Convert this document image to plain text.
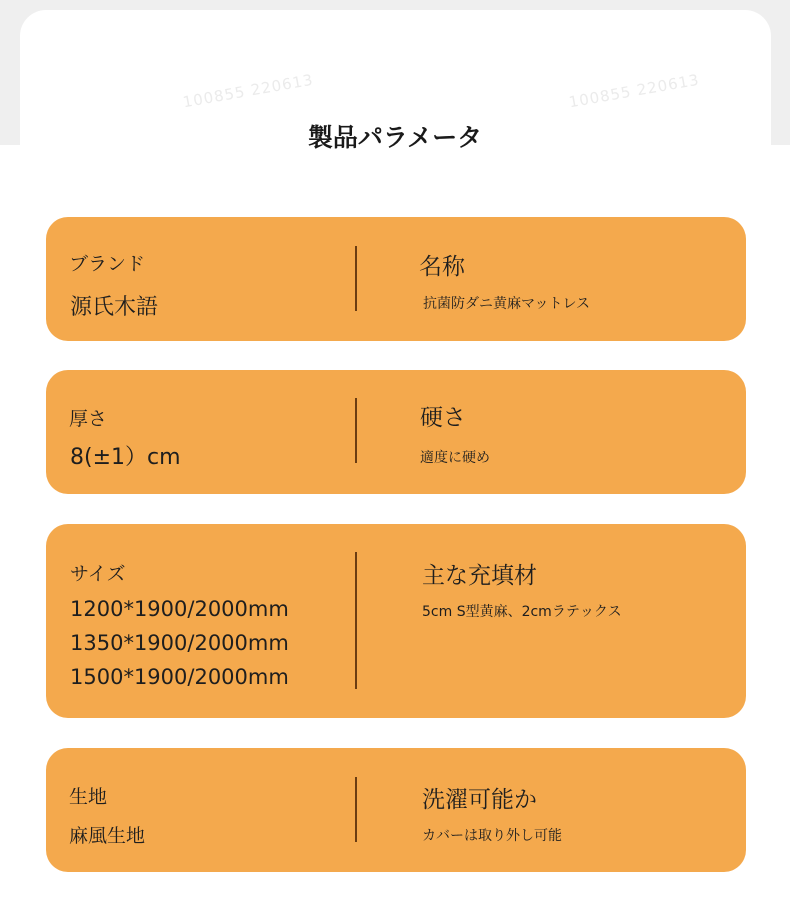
100855 220613	100855 220613
製品パラメータ
ブランド
源氏木語
名称
抗菌防ダニ黄麻マットレス
厚さ
8(±1）cm
硬さ
適度に硬め
サイズ
1200*1900/2000mm
1350*1900/2000mm
1500*1900/2000mm
主な充填材
5cm S型黄麻、2cmラテックス
生地
麻風生地
洗濯可能か
カバーは取り外し可能
